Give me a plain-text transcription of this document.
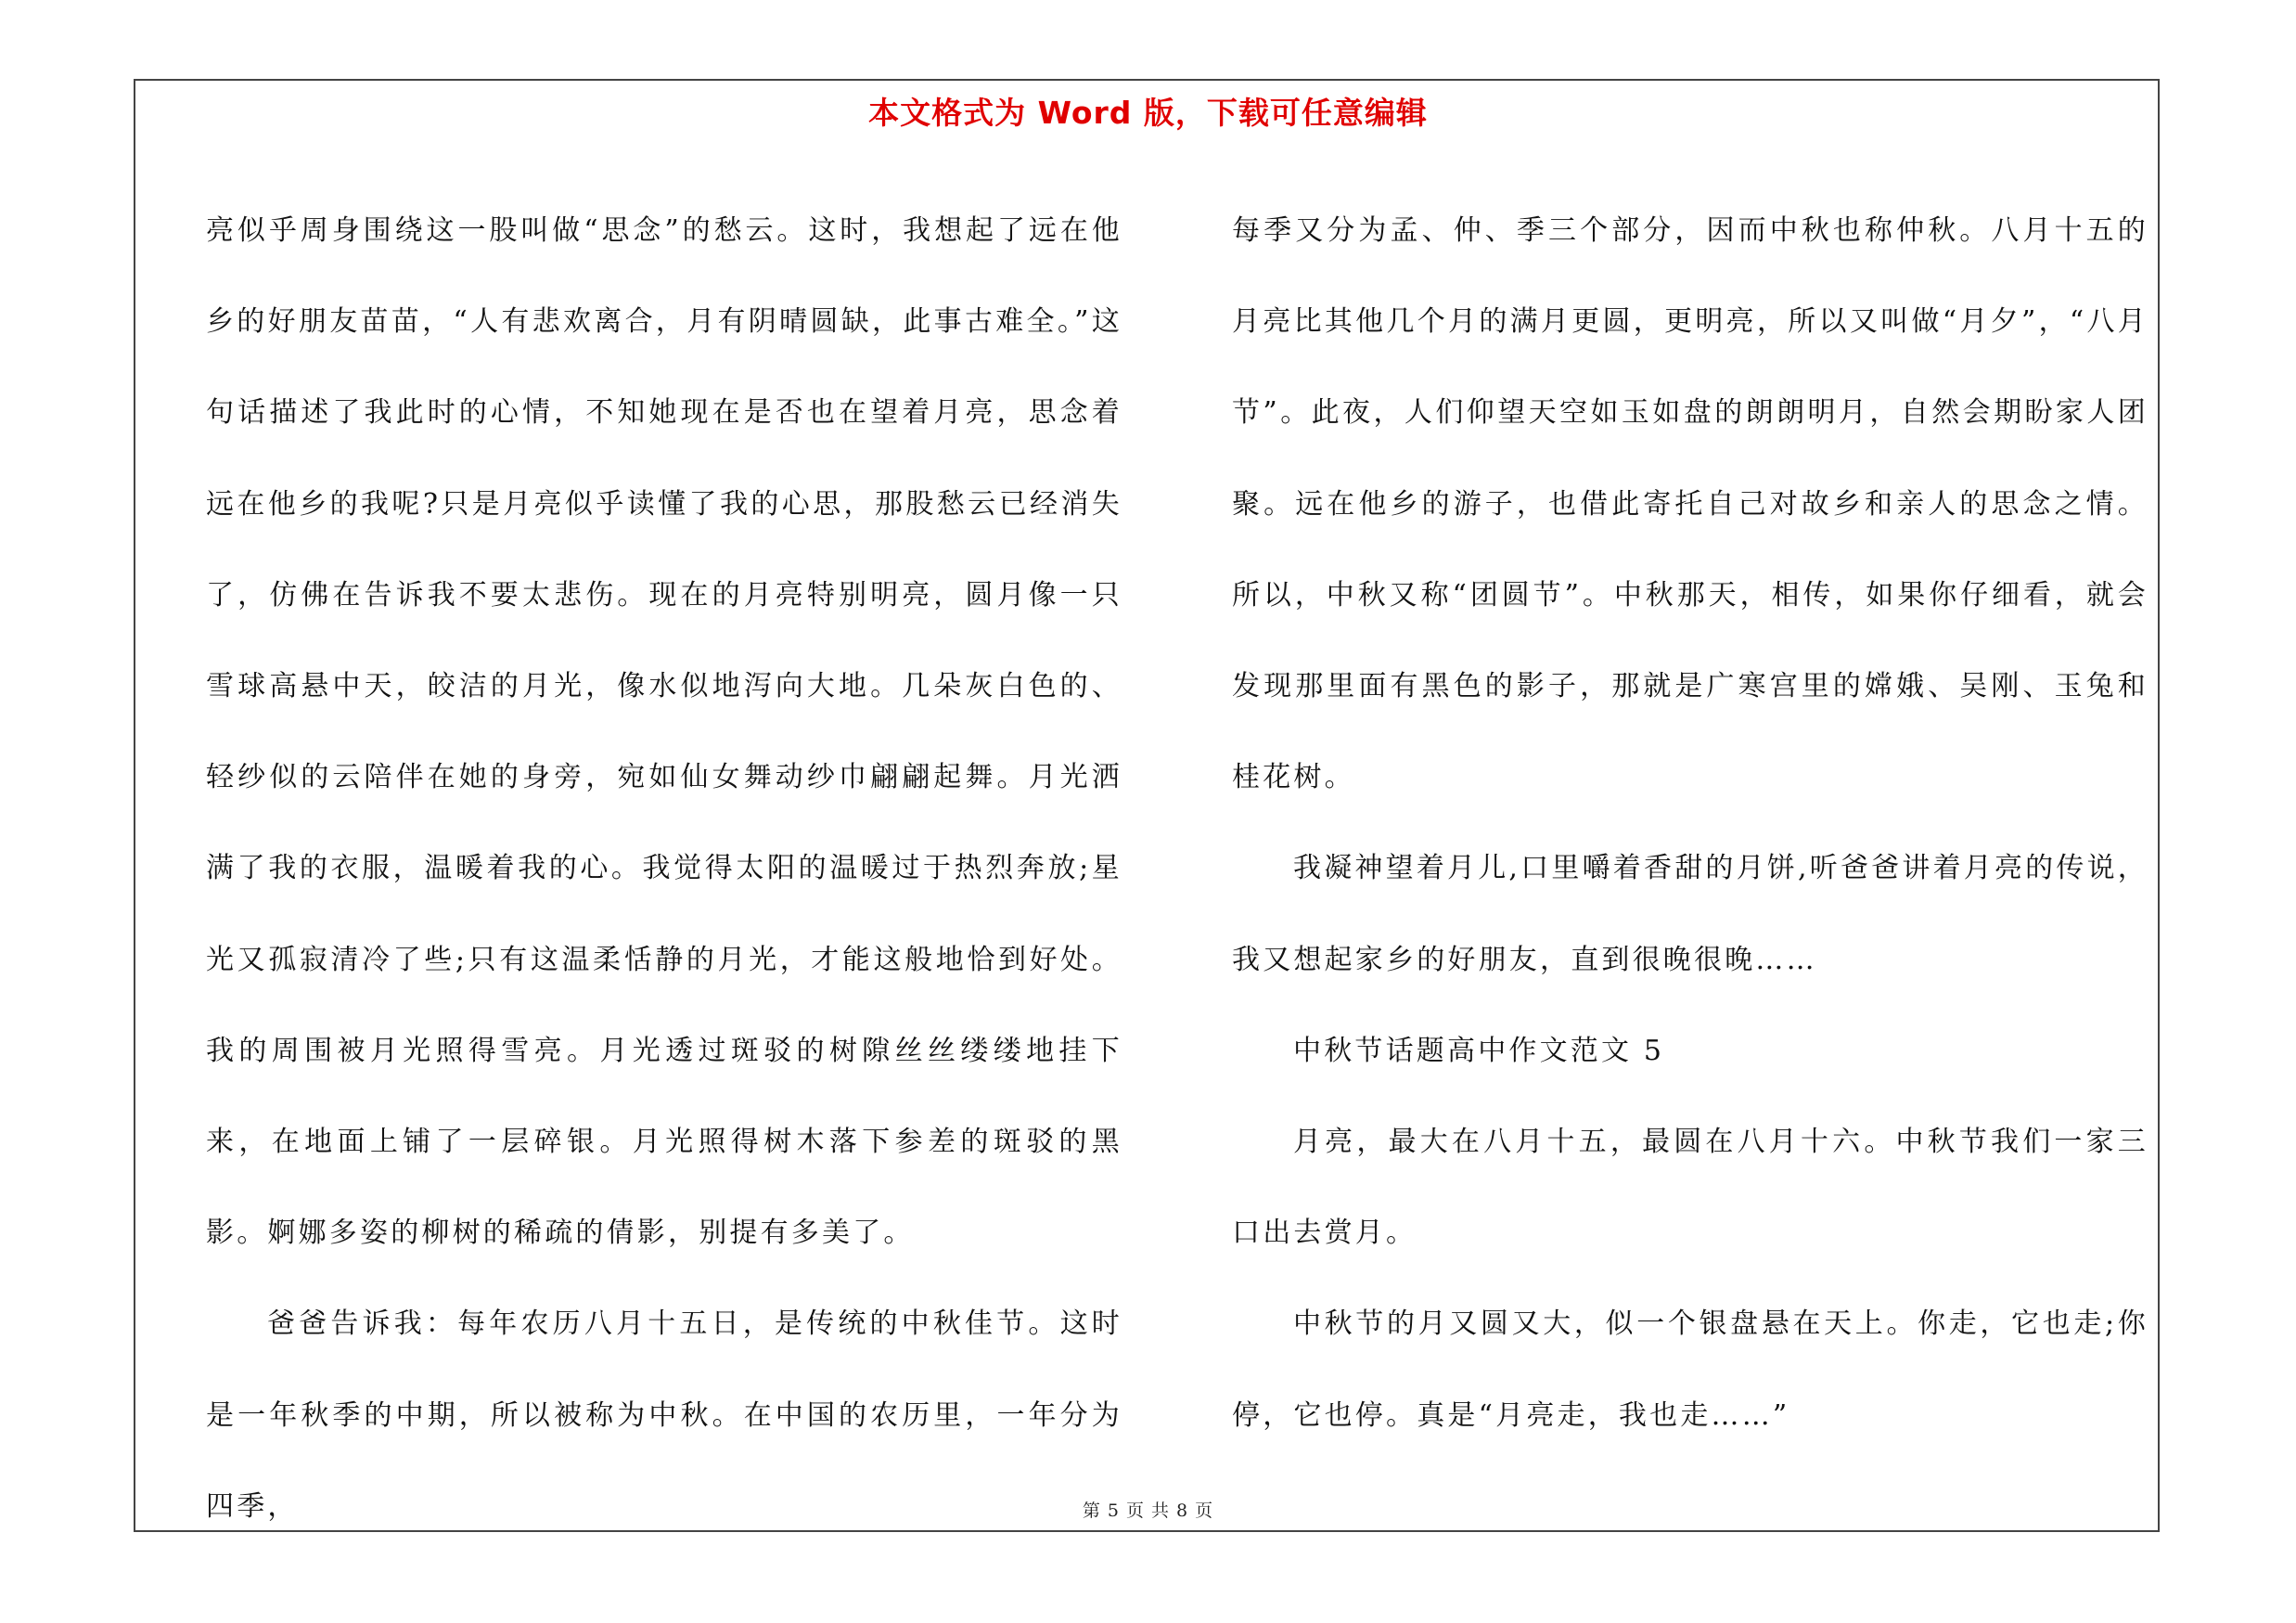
本文格式为 Word 版，下载可任意编辑

亮似乎周身围绕这一股叫做“思念”的愁云。这时，我想起了远在他乡的好朋友苗苗，“人有悲欢离合，月有阴晴圆缺，此事古难全。”这句话描述了我此时的心情，不知她现在是否也在望着月亮，思念着远在他乡的我呢?只是月亮似乎读懂了我的心思，那股愁云已经消失了，仿佛在告诉我不要太悲伤。现在的月亮特别明亮，圆月像一只雪球高悬中天，皎洁的月光，像水似地泻向大地。几朵灰白色的、轻纱似的云陪伴在她的身旁，宛如仙女舞动纱巾翩翩起舞。月光洒满了我的衣服，温暖着我的心。我觉得太阳的温暖过于热烈奔放;星光又孤寂清冷了些;只有这温柔恬静的月光，才能这般地恰到好处。我的周围被月光照得雪亮。月光透过斑驳的树隙丝丝缕缕地挂下来，在地面上铺了一层碎银。月光照得树木落下参差的斑驳的黑影。婀娜多姿的柳树的稀疏的倩影，别提有多美了。

爸爸告诉我：每年农历八月十五日，是传统的中秋佳节。这时是一年秋季的中期，所以被称为中秋。在中国的农历里，一年分为四季，

每季又分为孟、仲、季三个部分，因而中秋也称仲秋。八月十五的月亮比其他几个月的满月更圆，更明亮，所以又叫做“月夕”，“八月节”。此夜，人们仰望天空如玉如盘的朗朗明月，自然会期盼家人团聚。远在他乡的游子，也借此寄托自己对故乡和亲人的思念之情。所以，中秋又称“团圆节”。中秋那天，相传，如果你仔细看，就会发现那里面有黑色的影子，那就是广寒宫里的嫦娥、吴刚、玉兔和桂花树。

我凝神望着月儿,口里嚼着香甜的月饼,听爸爸讲着月亮的传说，我又想起家乡的好朋友，直到很晚很晚……

中秋节话题高中作文范文 5

月亮，最大在八月十五，最圆在八月十六。中秋节我们一家三口出去赏月。

中秋节的月又圆又大，似一个银盘悬在天上。你走，它也走;你停，它也停。真是“月亮走，我也走……”

第 5 页 共 8 页
